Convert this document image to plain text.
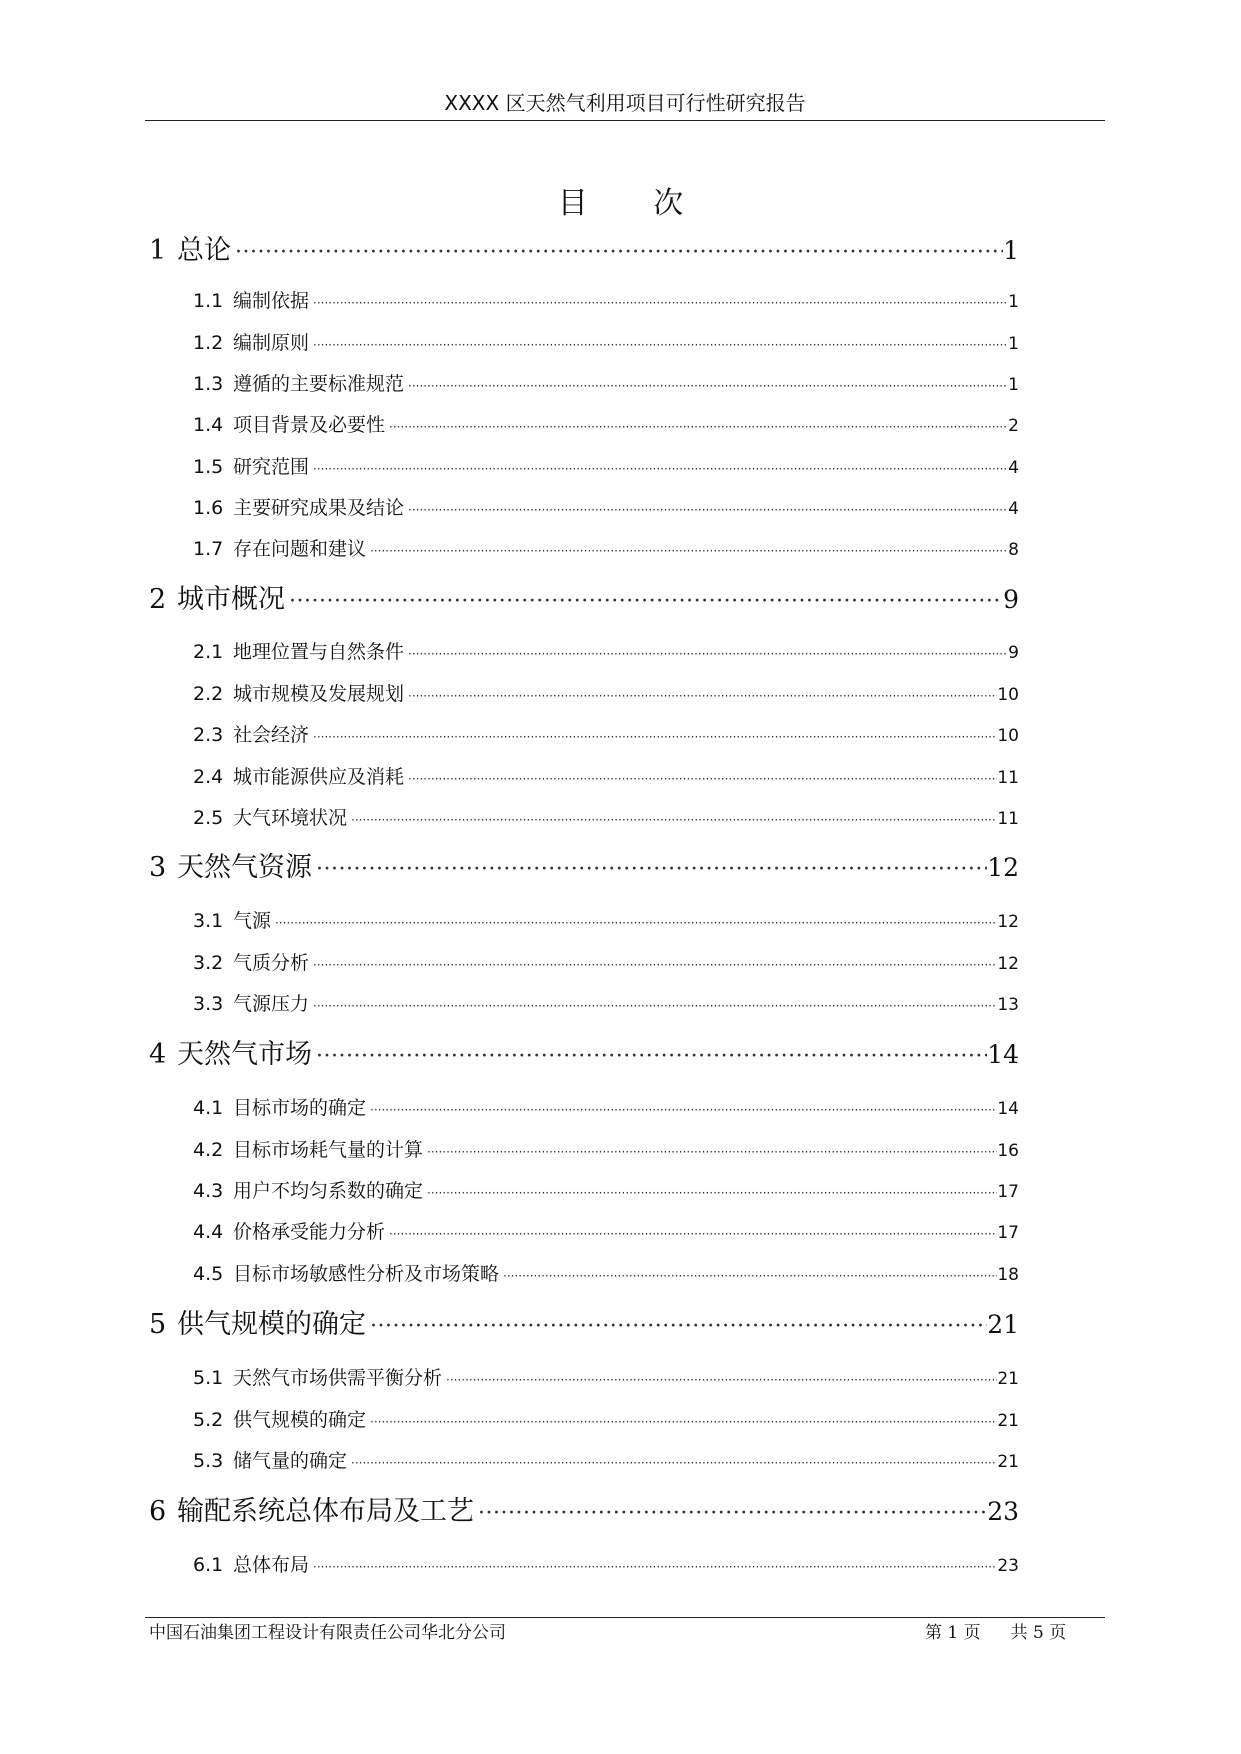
XXXX 区天然气利用项目可行性研究报告
目 次
1 总论 ·····	1
1.1 编制依据 ·····	1
1.2 编制原则 ·····	1
1.3 遵循的主要标准规范 ·····	1
1.4 项目背景及必要性 ·····	2
1.5 研究范围 ·····	4
1.6 主要研究成果及结论 ·····	4
1.7 存在问题和建议 ·····	8
2 城市概况 ·····	9
2.1 地理位置与自然条件 ·····	9
2.2 城市规模及发展规划 ·····	10
2.3 社会经济 ·····	10
2.4 城市能源供应及消耗 ·····	11
2.5 大气环境状况 ·····	11
3 天然气资源 ·····	12
3.1 气源 ·····	12
3.2 气质分析 ·····	12
3.3 气源压力 ·····	13
4 天然气市场 ·····	14
4.1 目标市场的确定 ·····	14
4.2 目标市场耗气量的计算 ·····	16
4.3 用户不均匀系数的确定 ·····	17
4.4 价格承受能力分析 ·····	17
4.5 目标市场敏感性分析及市场策略 ·····	18
5 供气规模的确定 ·····	21
5.1 天然气市场供需平衡分析 ·····	21
5.2 供气规模的确定 ·····	21
5.3 储气量的确定 ·····	21
6 输配系统总体布局及工艺 ·····	23
6.1 总体布局 ·····	23
中国石油集团工程设计有限责任公司华北分公司	第 1 页 共 5 页
